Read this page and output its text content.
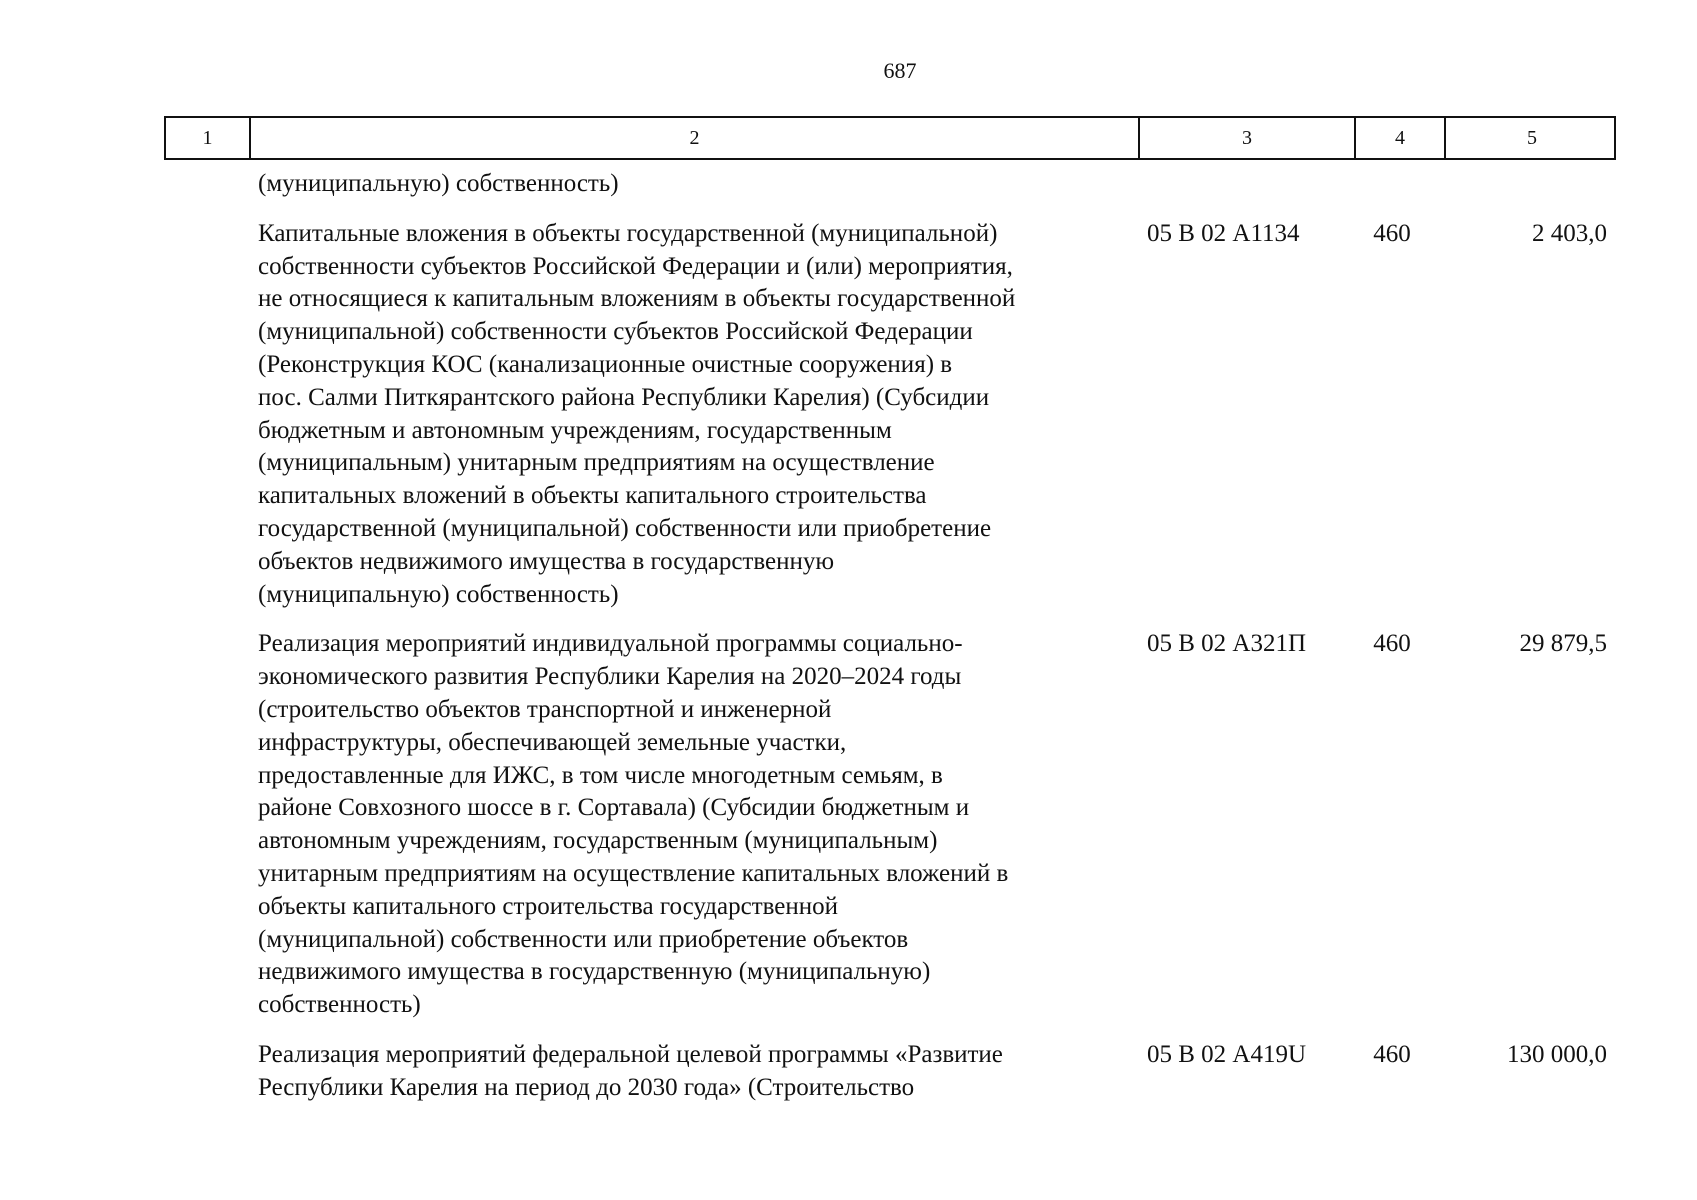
687
1	2	3	4	5
(муниципальную) собственность)
Капитальные вложения в объекты государственной (муниципальной)
собственности субъектов Российской Федерации и (или) мероприятия,
не относящиеся к капитальным вложениям в объекты государственной
(муниципальной) собственности субъектов Российской Федерации
(Реконструкция КОС (канализационные очистные сооружения) в
пос. Салми Питкярантского района Республики Карелия) (Субсидии
бюджетным и автономным учреждениям, государственным
(муниципальным) унитарным предприятиям на осуществление
капитальных вложений в объекты капитального строительства
государственной (муниципальной) собственности или приобретение
объектов недвижимого имущества в государственную
(муниципальную) собственность)
05 В 02 А1134	460	2 403,0
Реализация мероприятий индивидуальной программы социально-
экономического развития Республики Карелия на 2020–2024 годы
(строительство объектов транспортной и инженерной
инфраструктуры, обеспечивающей земельные участки,
предоставленные для ИЖС, в том числе многодетным семьям, в
районе Совхозного шоссе в г. Сортавала) (Субсидии бюджетным и
автономным учреждениям, государственным (муниципальным)
унитарным предприятиям на осуществление капитальных вложений в
объекты капитального строительства государственной
(муниципальной) собственности или приобретение объектов
недвижимого имущества в государственную (муниципальную)
собственность)
05 В 02 А321П	460	29 879,5
Реализация мероприятий федеральной целевой программы «Развитие
Республики Карелия на период до 2030 года» (Строительство
05 В 02 А419U	460	130 000,0
